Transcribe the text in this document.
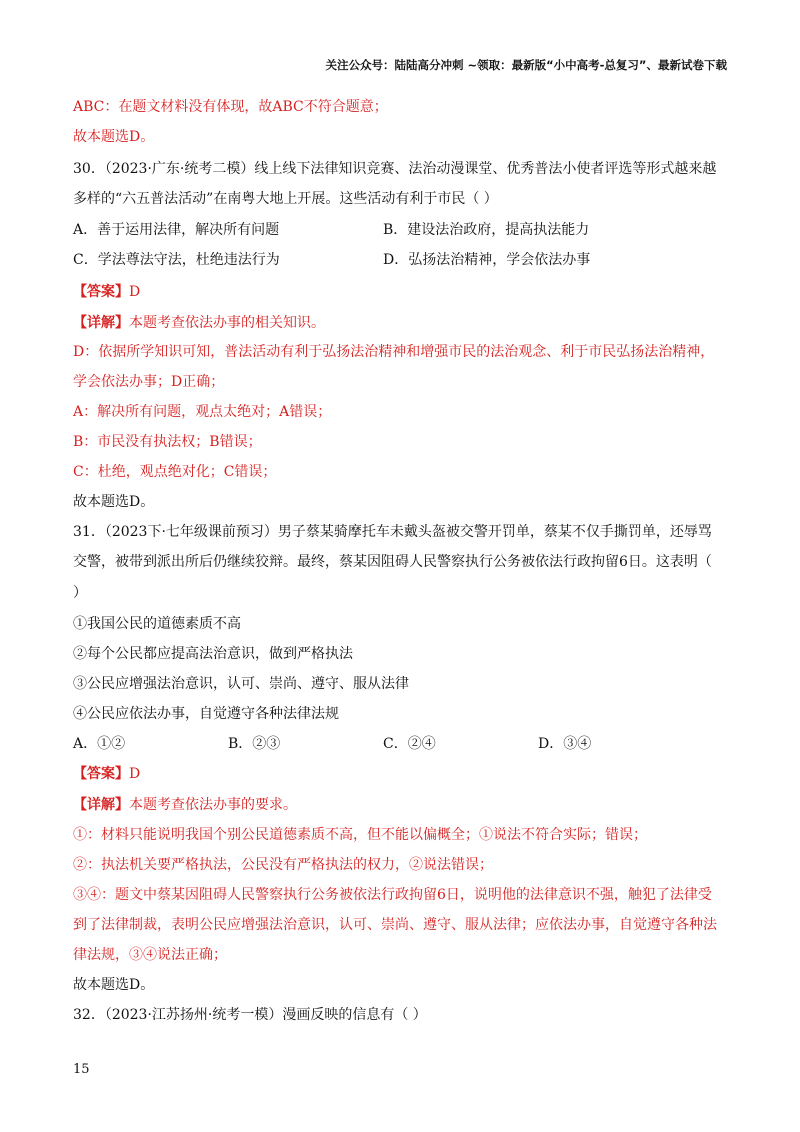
关注公众号：陆陆高分冲刺 ~领取：最新版“小中高考-总复习”、最新试卷下载
ABC：在题文材料没有体现，故ABC不符合题意；
故本题选D。
30．（2023·广东·统考二模）线上线下法律知识竞赛、法治动漫课堂、优秀普法小使者评选等形式越来越
多样的“六五普法活动”在南粤大地上开展。这些活动有利于市民（ ）
A．善于运用法律，解决所有问题	B．建设法治政府，提高执法能力
C．学法尊法守法，杜绝违法行为	D．弘扬法治精神，学会依法办事
【答案】D
【详解】本题考查依法办事的相关知识。
D：依据所学知识可知，普法活动有利于弘扬法治精神和增强市民的法治观念、利于市民弘扬法治精神，
学会依法办事；D正确；
A：解决所有问题，观点太绝对；A错误；
B：市民没有执法权；B错误；
C：杜绝，观点绝对化；C错误；
故本题选D。
31．（2023下·七年级课前预习）男子蔡某骑摩托车未戴头盔被交警开罚单，蔡某不仅手撕罚单，还辱骂
交警，被带到派出所后仍继续狡辩。最终，蔡某因阻碍人民警察执行公务被依法行政拘留6日。这表明（
）
①我国公民的道德素质不高
②每个公民都应提高法治意识，做到严格执法
③公民应增强法治意识，认可、崇尚、遵守、服从法律
④公民应依法办事，自觉遵守各种法律法规
A．①②	B．②③	C．②④	D．③④
【答案】D
【详解】本题考查依法办事的要求。
①：材料只能说明我国个别公民道德素质不高，但不能以偏概全；①说法不符合实际；错误；
②：执法机关要严格执法，公民没有严格执法的权力，②说法错误；
③④：题文中蔡某因阻碍人民警察执行公务被依法行政拘留6日，说明他的法律意识不强，触犯了法律受
到了法律制裁，表明公民应增强法治意识，认可、崇尚、遵守、服从法律；应依法办事，自觉遵守各种法
律法规，③④说法正确；
故本题选D。
32．（2023·江苏扬州·统考一模）漫画反映的信息有（ ）
15
